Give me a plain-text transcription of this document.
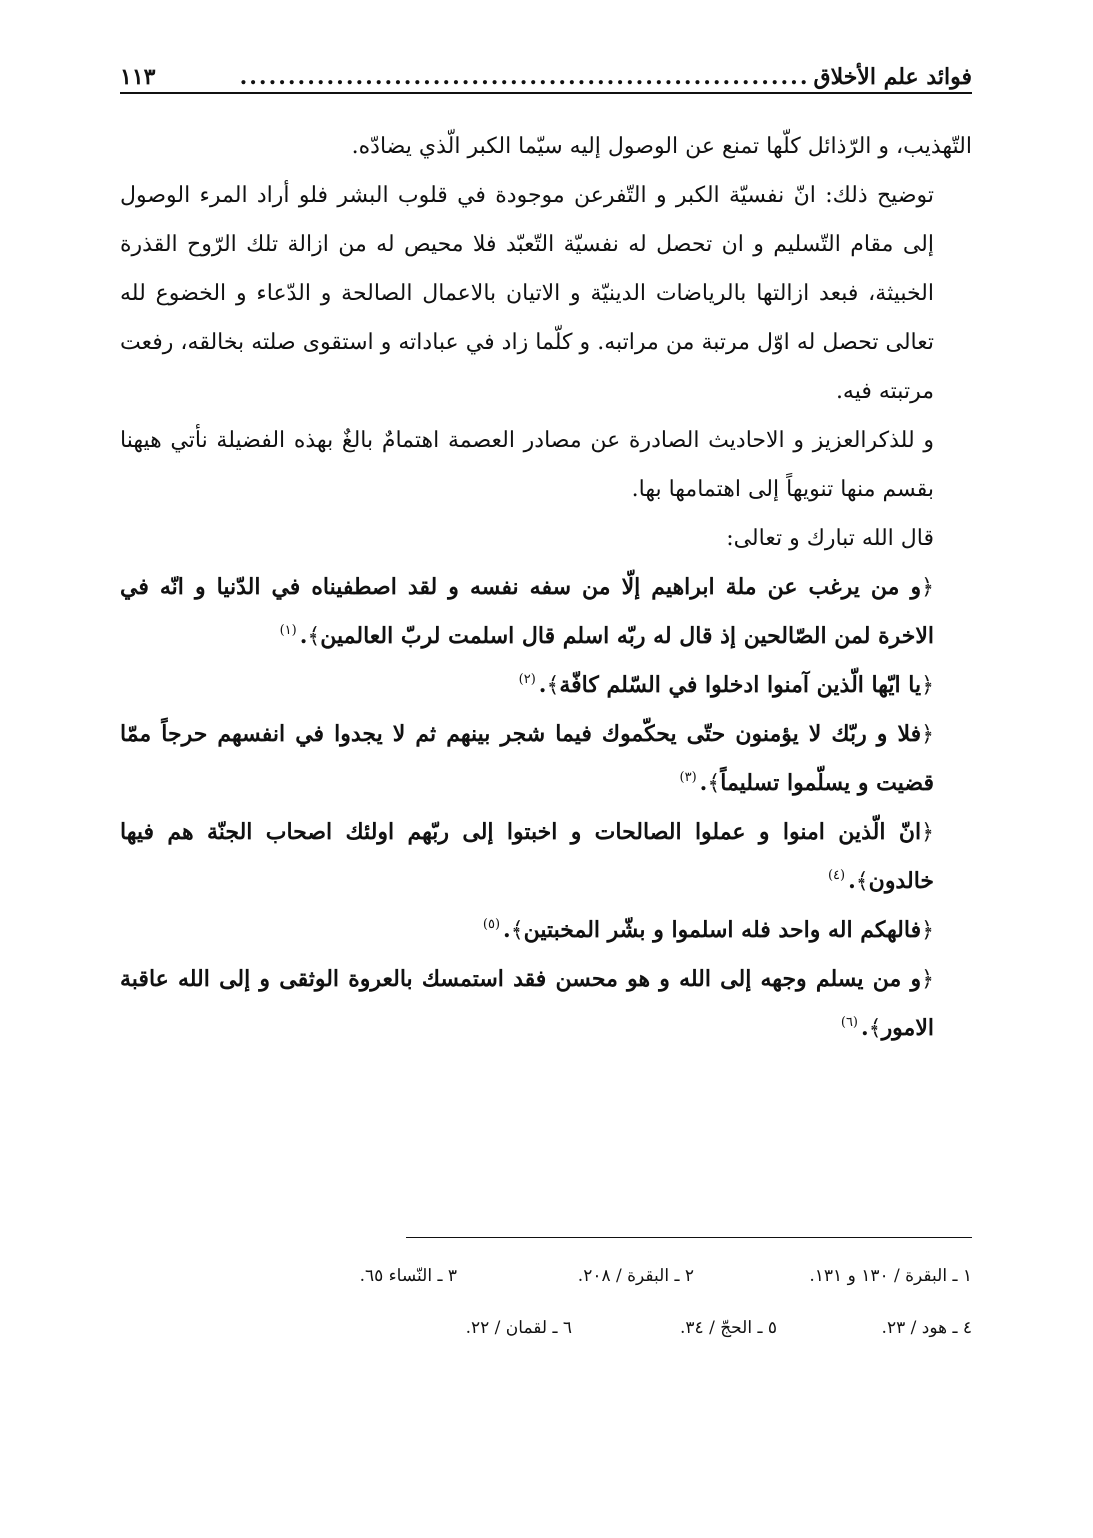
فوائد علم الأخلاق
...........................................................
١١٣

التّهذيب، و الرّذائل كلّها تمنع عن الوصول إليه سيّما الكبر الّذي يضادّه.

توضيح ذلك: انّ نفسيّة الكبر و التّفرعن موجودة في قلوب البشر فلو أراد المرء الوصول إلى مقام التّسليم و ان تحصل له نفسيّة التّعبّد فلا محيص له من ازالة تلك الرّوح القذرة الخبيثة، فبعد ازالتها بالرياضات الدينيّة و الاتيان بالاعمال الصالحة و الدّعاء و الخضوع لله تعالى تحصل له اوّل مرتبة من مراتبه. و كلّما زاد في عباداته و استقوى صلته بخالقه، رفعت مرتبته فيه.

و للذكرالعزيز و الاحاديث الصادرة عن مصادر العصمة اهتمامٌ بالغٌ بهذه الفضيلة نأتي هيهنا بقسم منها تنويهاً إلى اهتمامها بها.

قال الله تبارك و تعالى:

﴿و من يرغب عن ملة ابراهيم إلّا من سفه نفسه و لقد اصطفيناه في الدّنيا و انّه في الاخرة لمن الصّالحين إذ قال له ربّه اسلم قال اسلمت لربّ العالمين﴾.$^{(١)}$

﴿يا ايّها الّذين آمنوا ادخلوا في السّلم كافّة﴾.$^{(٢)}$

﴿فلا و ربّك لا يؤمنون حتّى يحكّموك فيما شجر بينهم ثم لا يجدوا في انفسهم حرجاً ممّا قضيت و يسلّموا تسليماً﴾.$^{(٣)}$

﴿انّ الّذين امنوا و عملوا الصالحات و اخبتوا إلى ربّهم اولئك اصحاب الجنّة هم فيها خالدون﴾.$^{(٤)}$

﴿فالهكم اله واحد فله اسلموا و بشّر المخبتين﴾.$^{(٥)}$

﴿و من يسلم وجهه إلى الله و هو محسن فقد استمسك بالعروة الوثقى و إلى الله عاقبة الامور﴾.$^{(٦)}$

١ ـ البقرة / ١٣٠ و ١٣١.
٢ ـ البقرة / ٢٠٨.
٣ ـ النّساء ٦٥.
٤ ـ هود / ٢٣.
٥ ـ الحجّ / ٣٤.
٦ ـ لقمان / ٢٢.
